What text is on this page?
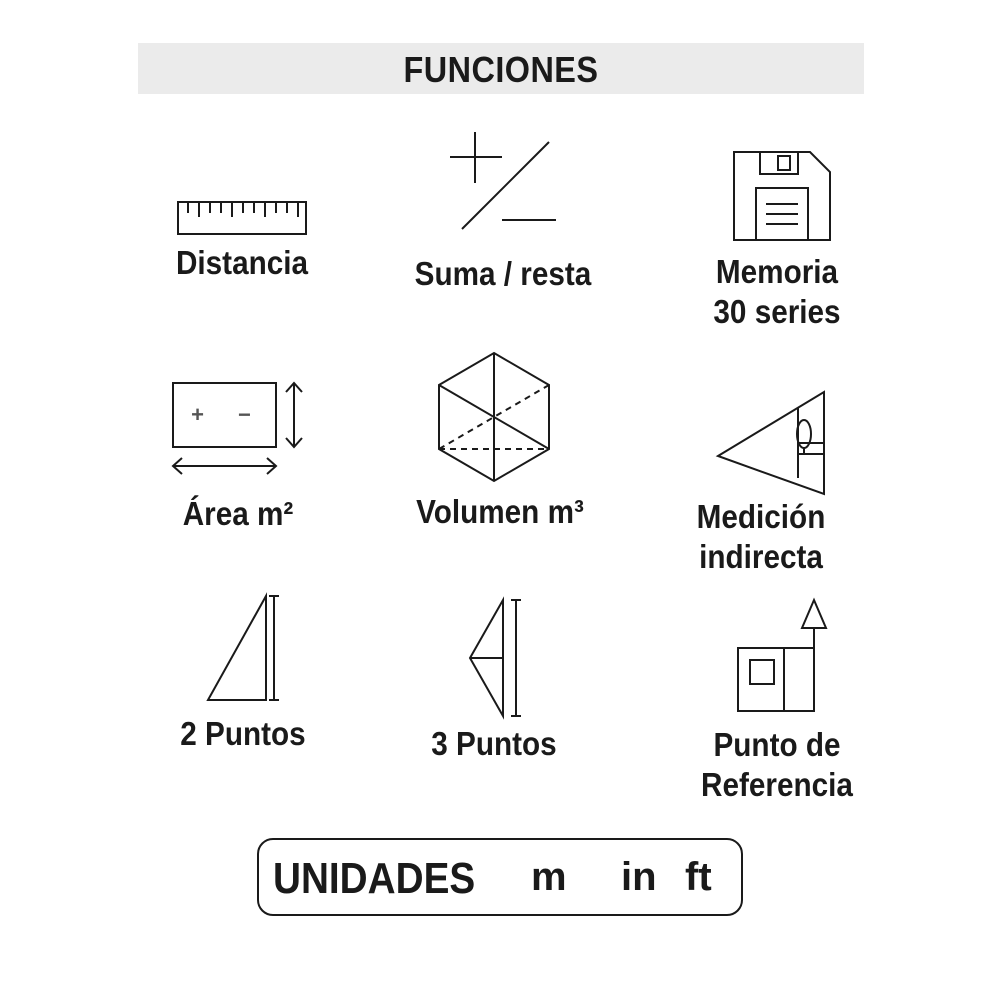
FUNCIONES
Distancia	Suma / resta	Memoria
30 series
+ −
Área m²	Volumen m³	Medición
indirecta
2 Puntos	3 Puntos	Punto de
Referencia
UNIDADES m in ft
